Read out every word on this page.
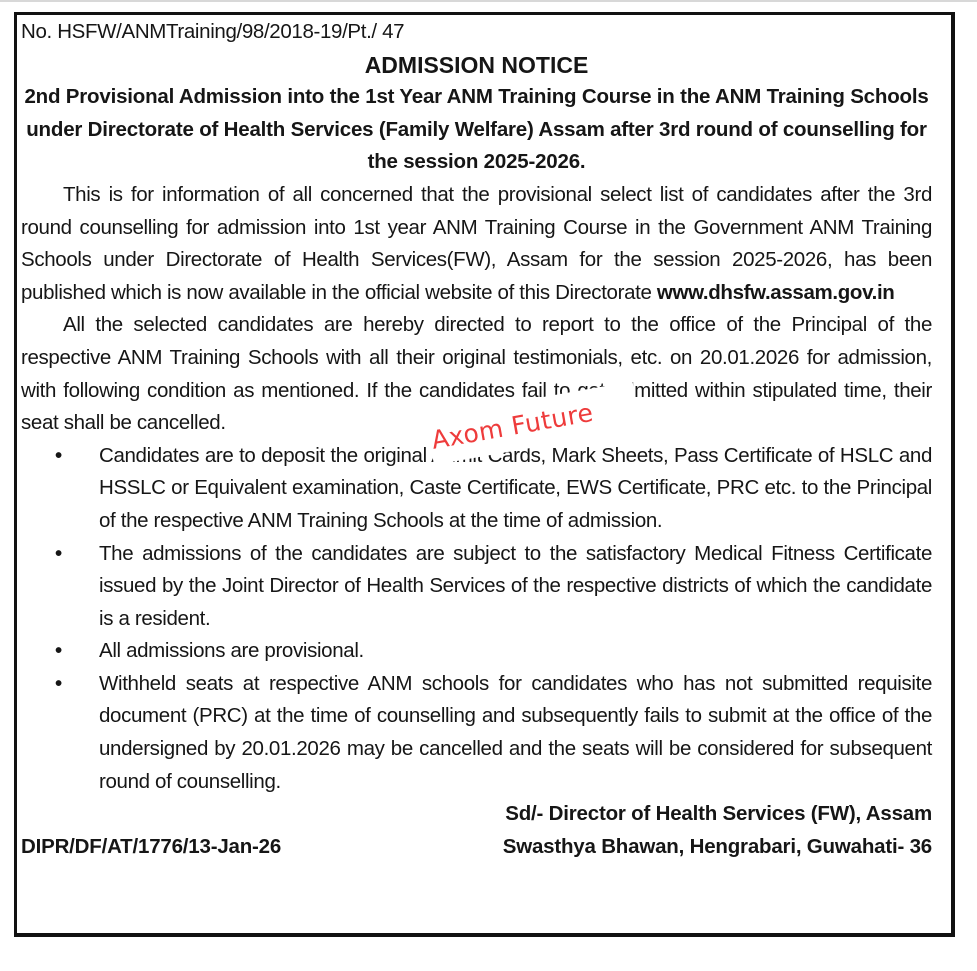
No. HSFW/ANMTraining/98/2018-19/Pt./ 47

ADMISSION NOTICE

2nd Provisional Admission into the 1st Year ANM Training Course in the ANM Training Schools under Directorate of Health Services (Family Welfare) Assam after 3rd round of counselling for the session 2025-2026.

This is for information of all concerned that the provisional select list of candidates after the 3rd round counselling for admission into 1st year ANM Training Course in the Government ANM Training Schools under Directorate of Health Services(FW), Assam for the session 2025-2026, has been published which is now available in the official website of this Directorate www.dhsfw.assam.gov.in

All the selected candidates are hereby directed to report to the office of the Principal of the respective ANM Training Schools with all their original testimonials, etc. on 20.01.2026 for admission, with following condition as mentioned. If the candidates fail to get admitted within stipulated time, their seat shall be cancelled.

• Candidates are to deposit the original Admit Cards, Mark Sheets, Pass Certificate of HSLC and HSSLC or Equivalent examination, Caste Certificate, EWS Certificate, PRC etc. to the Principal of the respective ANM Training Schools at the time of admission.
• The admissions of the candidates are subject to the satisfactory Medical Fitness Certificate issued by the Joint Director of Health Services of the respective districts of which the candidate is a resident.
• All admissions are provisional.
• Withheld seats at respective ANM schools for candidates who has not submitted requisite document (PRC) at the time of counselling and subsequently fails to submit at the office of the undersigned by 20.01.2026 may be cancelled and the seats will be considered for subsequent round of counselling.
Sd/- Director of Health Services (FW), Assam
DIPR/DF/AT/1776/13-Jan-26	Swasthya Bhawan, Hengrabari, Guwahati- 36
Axom Future
